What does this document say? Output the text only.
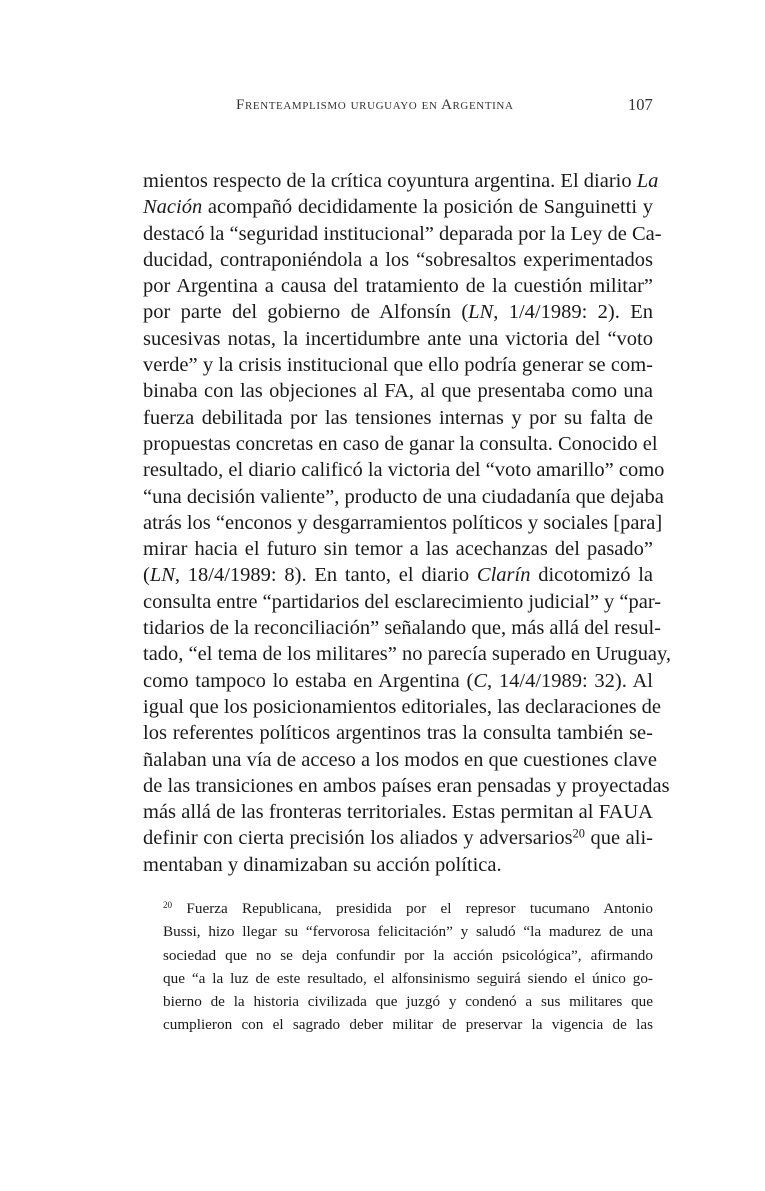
Frenteamplismo uruguayo en Argentina	107
mientos respecto de la crítica coyuntura argentina. El diario La
Nación acompañó decididamente la posición de Sanguinetti y
destacó la “seguridad institucional” deparada por la Ley de Ca-
ducidad, contraponiéndola a los “sobresaltos experimentados
por Argentina a causa del tratamiento de la cuestión militar”
por parte del gobierno de Alfonsín (LN, 1/4/1989: 2). En
sucesivas notas, la incertidumbre ante una victoria del “voto
verde” y la crisis institucional que ello podría generar se com-
binaba con las objeciones al FA, al que presentaba como una
fuerza debilitada por las tensiones internas y por su falta de
propuestas concretas en caso de ganar la consulta. Conocido el
resultado, el diario calificó la victoria del “voto amarillo” como
“una decisión valiente”, producto de una ciudadanía que dejaba
atrás los “enconos y desgarramientos políticos y sociales [para]
mirar hacia el futuro sin temor a las acechanzas del pasado”
(LN, 18/4/1989: 8). En tanto, el diario Clarín dicotomizó la
consulta entre “partidarios del esclarecimiento judicial” y “par-
tidarios de la reconciliación” señalando que, más allá del resul-
tado, “el tema de los militares” no parecía superado en Uruguay,
como tampoco lo estaba en Argentina (C, 14/4/1989: 32). Al
igual que los posicionamientos editoriales, las declaraciones de
los referentes políticos argentinos tras la consulta también se-
ñalaban una vía de acceso a los modos en que cuestiones clave
de las transiciones en ambos países eran pensadas y proyectadas
más allá de las fronteras territoriales. Estas permitan al FAUA
definir con cierta precisión los aliados y adversarios$^{20}$ que ali-
mentaban y dinamizaban su acción política.
$^{20}$ Fuerza Republicana, presidida por el represor tucumano Antonio
Bussi, hizo llegar su “fervorosa felicitación” y saludó “la madurez de una
sociedad que no se deja confundir por la acción psicológica”, afirmando
que “a la luz de este resultado, el alfonsinismo seguirá siendo el único go-
bierno de la historia civilizada que juzgó y condenó a sus militares que
cumplieron con el sagrado deber militar de preservar la vigencia de las
